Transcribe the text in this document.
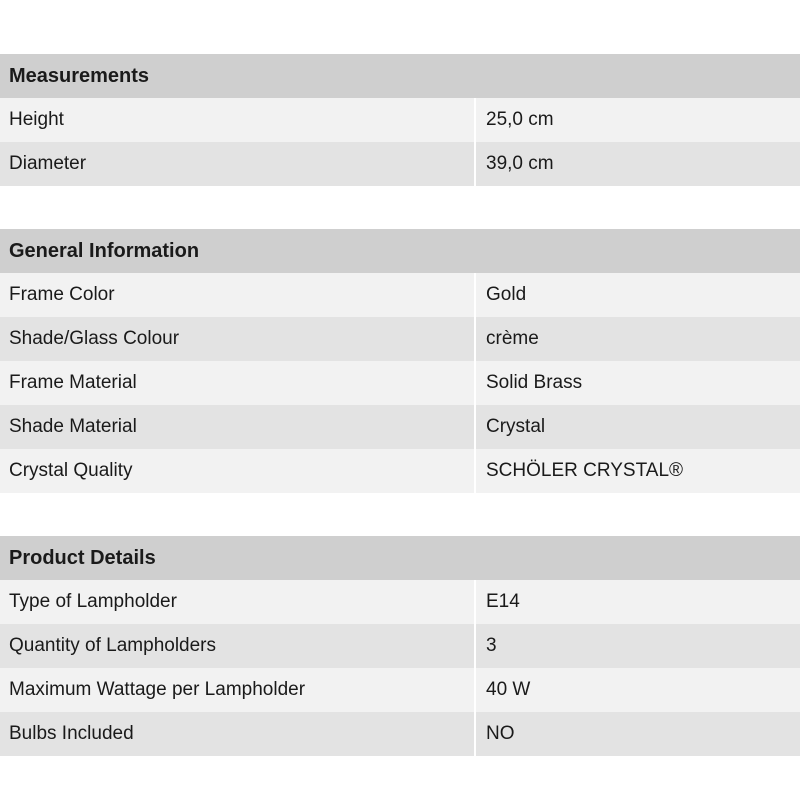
Measurements
Height	25,0 cm
Diameter	39,0 cm
General Information
Frame Color	Gold
Shade/Glass Colour	crème
Frame Material	Solid Brass
Shade Material	Crystal
Crystal Quality	SCHÖLER CRYSTAL®
Product Details
Type of Lampholder	E14
Quantity of Lampholders	3
Maximum Wattage per Lampholder	40 W
Bulbs Included	NO
